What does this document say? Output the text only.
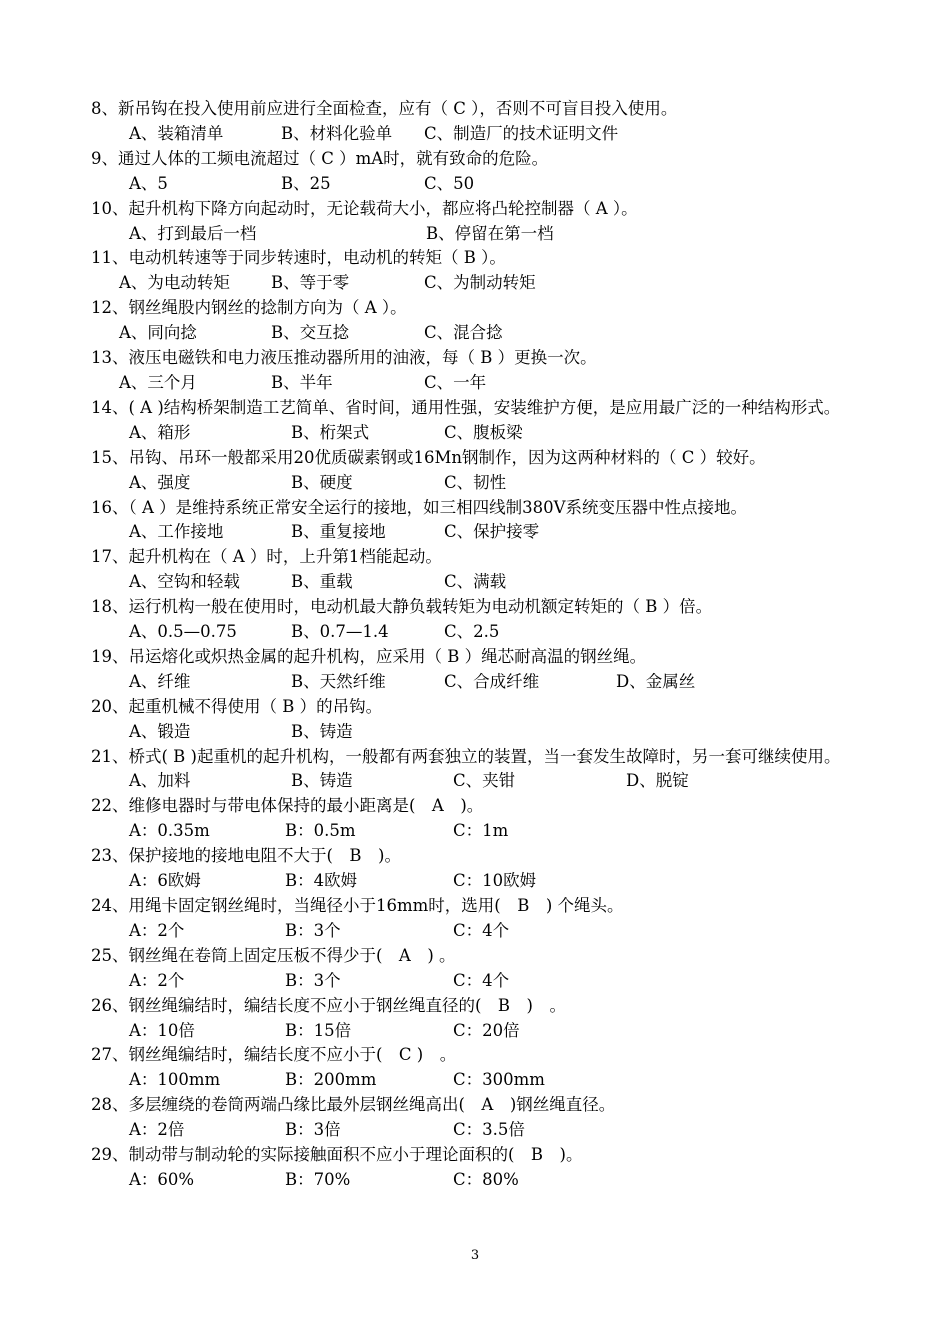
8、新吊钩在投入使用前应进行全面检查，应有（ C ），否则不可盲目投入使用。
A、装箱清单	B、材料化验单	C、制造厂的技术证明文件
9、通过人体的工频电流超过（ C ）mA时，就有致命的危险。
A、5	B、25	C、50
10、起升机构下降方向起动时，无论载荷大小，都应将凸轮控制器（ A ）。
A、打到最后一档	B、停留在第一档
11、电动机转速等于同步转速时，电动机的转矩（ B ）。
A、为电动转矩	B、等于零	C、为制动转矩
12、钢丝绳股内钢丝的捻制方向为（ A ）。
A、同向捻	B、交互捻	C、混合捻
13、液压电磁铁和电力液压推动器所用的油液，每（ B ）更换一次。
A、三个月	B、半年	C、一年
14、( A )结构桥架制造工艺简单、省时间，通用性强，安装维护方便，是应用最广泛的一种结构形式。
A、箱形	B、桁架式	C、腹板梁
15、吊钩、吊环一般都采用20优质碳素钢或16Mn钢制作，因为这两种材料的（ C ）较好。
A、强度	B、硬度	C、韧性
16、（ A ）是维持系统正常安全运行的接地，如三相四线制380V系统变压器中性点接地。
A、工作接地	B、重复接地	C、保护接零
17、起升机构在（ A ）时，上升第1档能起动。
A、空钩和轻载	B、重载	C、满载
18、运行机构一般在使用时，电动机最大静负载转矩为电动机额定转矩的（ B ）倍。
A、0.5—0.75	B、0.7—1.4	C、2.5
19、吊运熔化或炽热金属的起升机构，应采用（ B ）绳芯耐高温的钢丝绳。
A、纤维	B、天然纤维	C、合成纤维	D、金属丝
20、起重机械不得使用（ B ）的吊钩。
A、锻造	B、铸造
21、桥式( B )起重机的起升机构，一般都有两套独立的装置，当一套发生故障时，另一套可继续使用。
A、加料	B、铸造	C、夹钳	D、脱锭
22、维修电器时与带电体保持的最小距离是(　A　)。
A：0.35m	B：0.5m	C：1m
23、保护接地的接地电阻不大于(　B　)。
A：6欧姆	B：4欧姆	C：10欧姆
24、用绳卡固定钢丝绳时，当绳径小于16mm时，选用(　B　) 个绳头。
A：2个	B：3个	C：4个
25、钢丝绳在卷筒上固定压板不得少于(　A　) 。
A：2个	B：3个	C：4个
26、钢丝绳编结时，编结长度不应小于钢丝绳直径的(　B　)　。
A：10倍	B：15倍	C：20倍
27、钢丝绳编结时，编结长度不应小于(　C )　。
A：100mm	B：200mm	C：300mm
28、多层缠绕的卷筒两端凸缘比最外层钢丝绳高出(　A　)钢丝绳直径。
A：2倍	B：3倍	C：3.5倍
29、制动带与制动轮的实际接触面积不应小于理论面积的(　B　)。
A：60%	B：70%	C：80%
3
